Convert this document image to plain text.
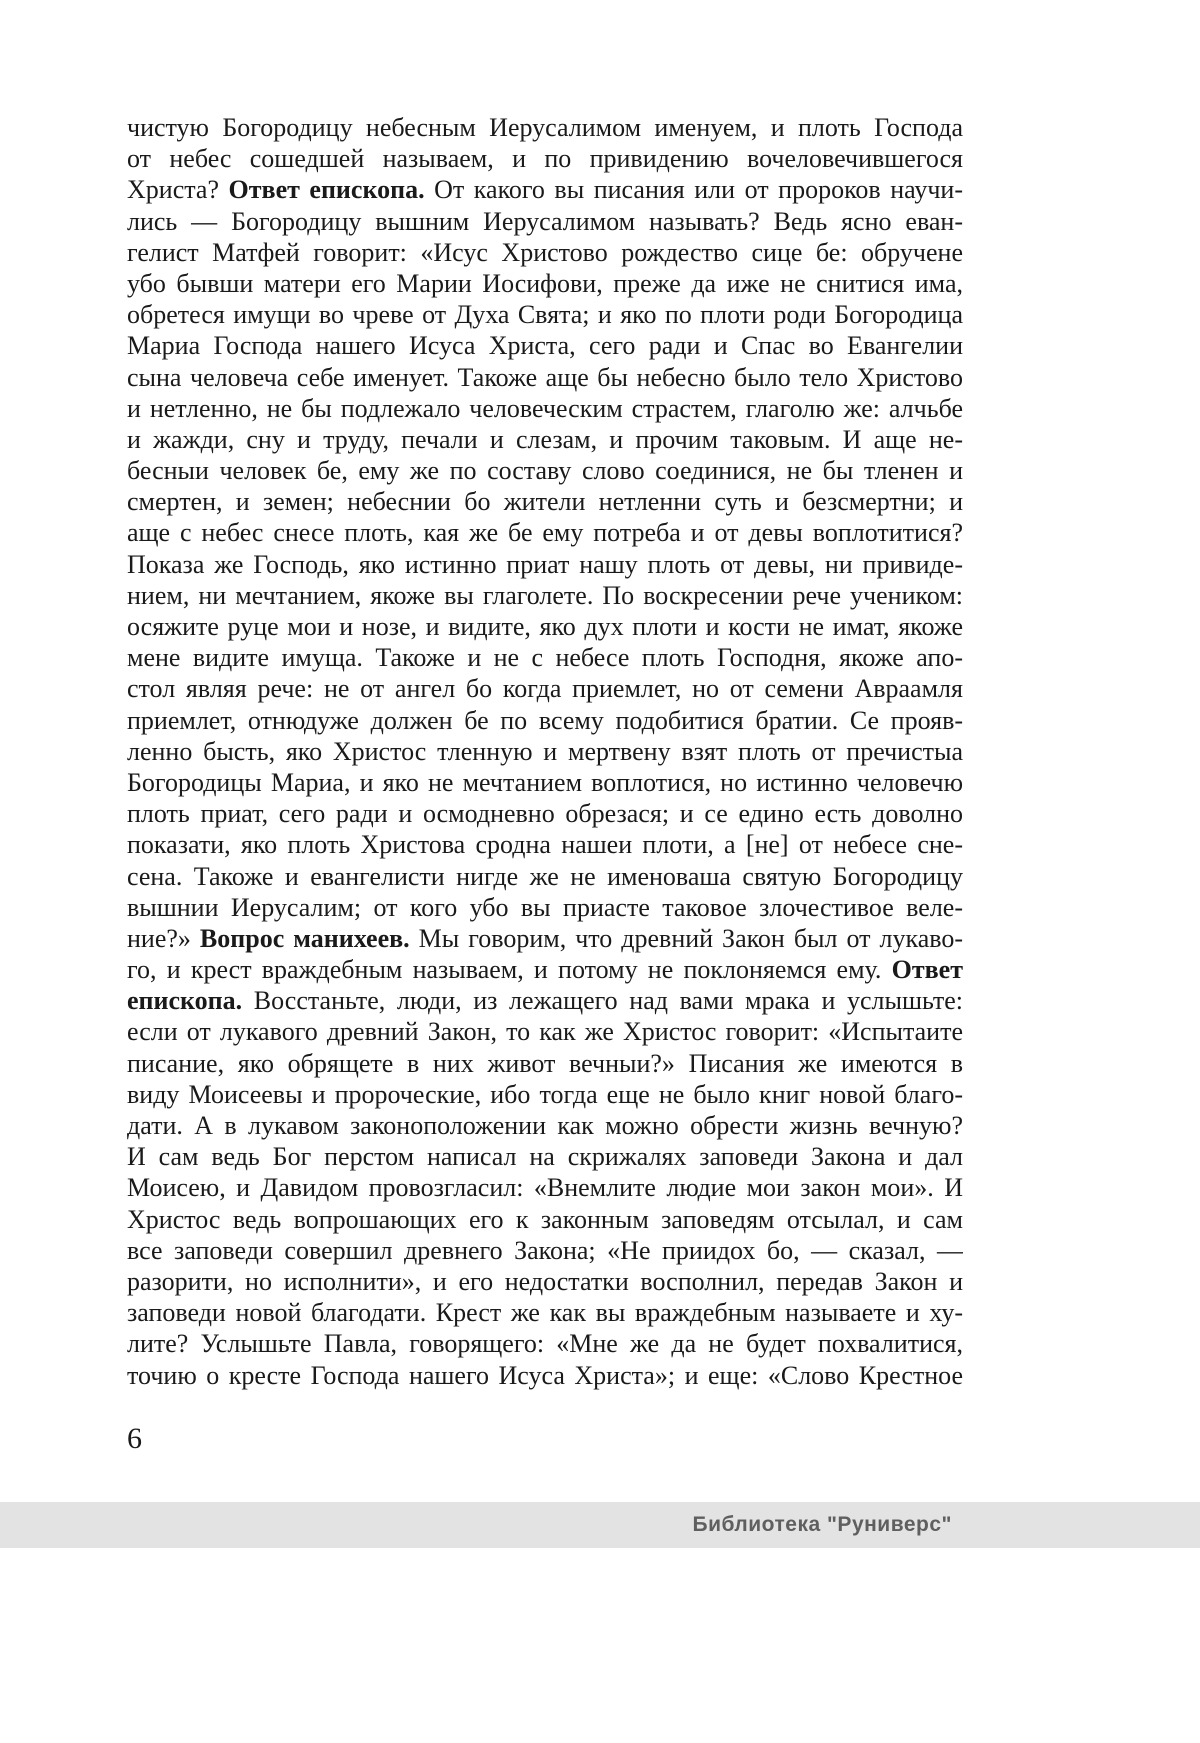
чистую Богородицу небесным Иерусалимом именуем, и плоть Господа
от небес сошедшей называем, и по привидению вочеловечившегося
Христа? Ответ епископа. От какого вы писания или от пророков научи-
лись — Богородицу вышним Иерусалимом называть? Ведь ясно еван-
гелист Матфей говорит: «Исус Христово рождество сице бе: обручене
убо бывши матери его Марии Иосифови, преже да иже не снитися има,
обретеся имущи во чреве от Духа Свята; и яко по плоти роди Богородица
Мариа Господа нашего Исуса Христа, сего ради и Спас во Евангелии
сына человеча себе именует. Такоже аще бы небесно было тело Христово
и нетленно, не бы подлежало человеческим страстем, глаголю же: алчьбе
и жажди, сну и труду, печали и слезам, и прочим таковым. И аще не-
бесныи человек бе, ему же по составу слово соединися, не бы тленен и
смертен, и земен; небеснии бо жители нетленни суть и безсмертни; и
аще с небес снесе плоть, кая же бе ему потреба и от девы воплотитися?
Показа же Господь, яко истинно приат нашу плоть от девы, ни привиде-
нием, ни мечтанием, якоже вы глаголете. По воскресении рече учеником:
осяжите руце мои и нозе, и видите, яко дух плоти и кости не имат, якоже
мене видите имуща. Такоже и не с небесе плоть Господня, якоже апо-
стол являя рече: не от ангел бо когда приемлет, но от семени Авраамля
приемлет, отнюдуже должен бе по всему подобитися братии. Се прояв-
ленно бысть, яко Христос тленную и мертвену взят плоть от пречистыа
Богородицы Мариа, и яко не мечтанием воплотися, но истинно человечю
плоть приат, сего ради и осмодневно обрезася; и се едино есть доволно
показати, яко плоть Христова сродна нашеи плоти, а [не] от небесе сне-
сена. Такоже и евангелисти нигде же не именоваша святую Богородицу
вышнии Иерусалим; от кого убо вы приасте таковое злочестивое веле-
ние?» Вопрос манихеев. Мы говорим, что древний Закон был от лукаво-
го, и крест враждебным называем, и потому не поклоняемся ему. Ответ
епископа. Восстаньте, люди, из лежащего над вами мрака и услышьте:
если от лукавого древний Закон, то как же Христос говорит: «Испытаите
писание, яко обрящете в них живот вечныи?» Писания же имеются в
виду Моисеевы и пророческие, ибо тогда еще не было книг новой благо-
дати. А в лукавом законоположении как можно обрести жизнь вечную?
И сам ведь Бог перстом написал на скрижалях заповеди Закона и дал
Моисею, и Давидом провозгласил: «Внемлите людие мои закон мои». И
Христос ведь вопрошающих его к законным заповедям отсылал, и сам
все заповеди совершил древнего Закона; «Не приидох бо, — сказал, —
разорити, но исполнити», и его недостатки восполнил, передав Закон и
заповеди новой благодати. Крест же как вы враждебным называете и ху-
лите? Услышьте Павла, говорящего: «Мне же да не будет похвалитися,
точию о кресте Господа нашего Исуса Христа»; и еще: «Слово Крестное
6
Библиотека "Руниверс"
